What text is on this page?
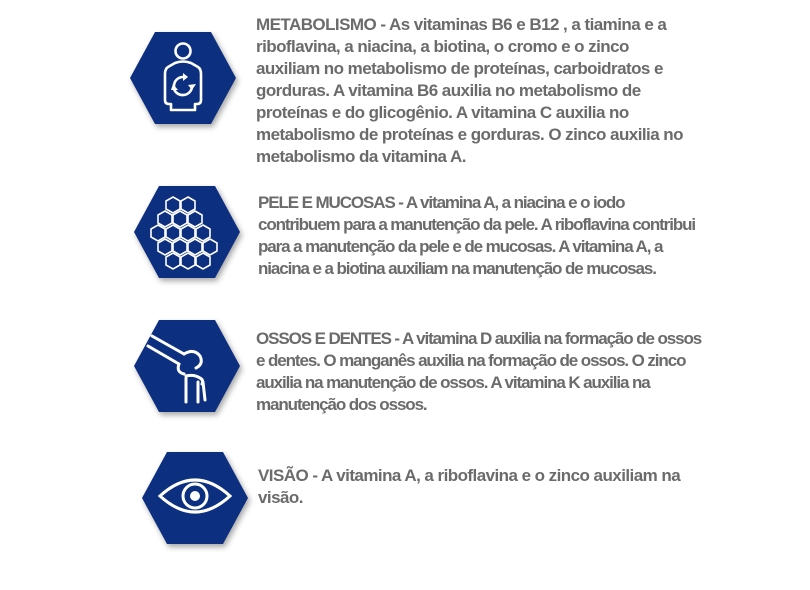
METABOLISMO - As vitaminas B6 e B12 , a tiamina e a riboflavina, a niacina, a biotina, o cromo e o zinco auxiliam no metabolismo de proteínas, carboidratos e gorduras. A vitamina B6 auxilia no metabolismo de proteínas e do glicogênio. A vitamina C auxilia no metabolismo de proteínas e gorduras. O zinco auxilia no metabolismo da vitamina A.
PELE E MUCOSAS - A vitamina A, a niacina e o iodo contribuem para a manutenção da pele. A riboflavina contribui para a manutenção da pele e de mucosas. A vitamina A, a niacina e a biotina auxiliam na manutenção de mucosas.
OSSOS E DENTES - A vitamina D auxilia na formação de ossos e dentes. O manganês auxilia na formação de ossos. O zinco auxilia na manutenção de ossos. A vitamina K auxilia na manutenção dos ossos.
VISÃO - A vitamina A, a riboflavina e o zinco auxiliam na visão.
